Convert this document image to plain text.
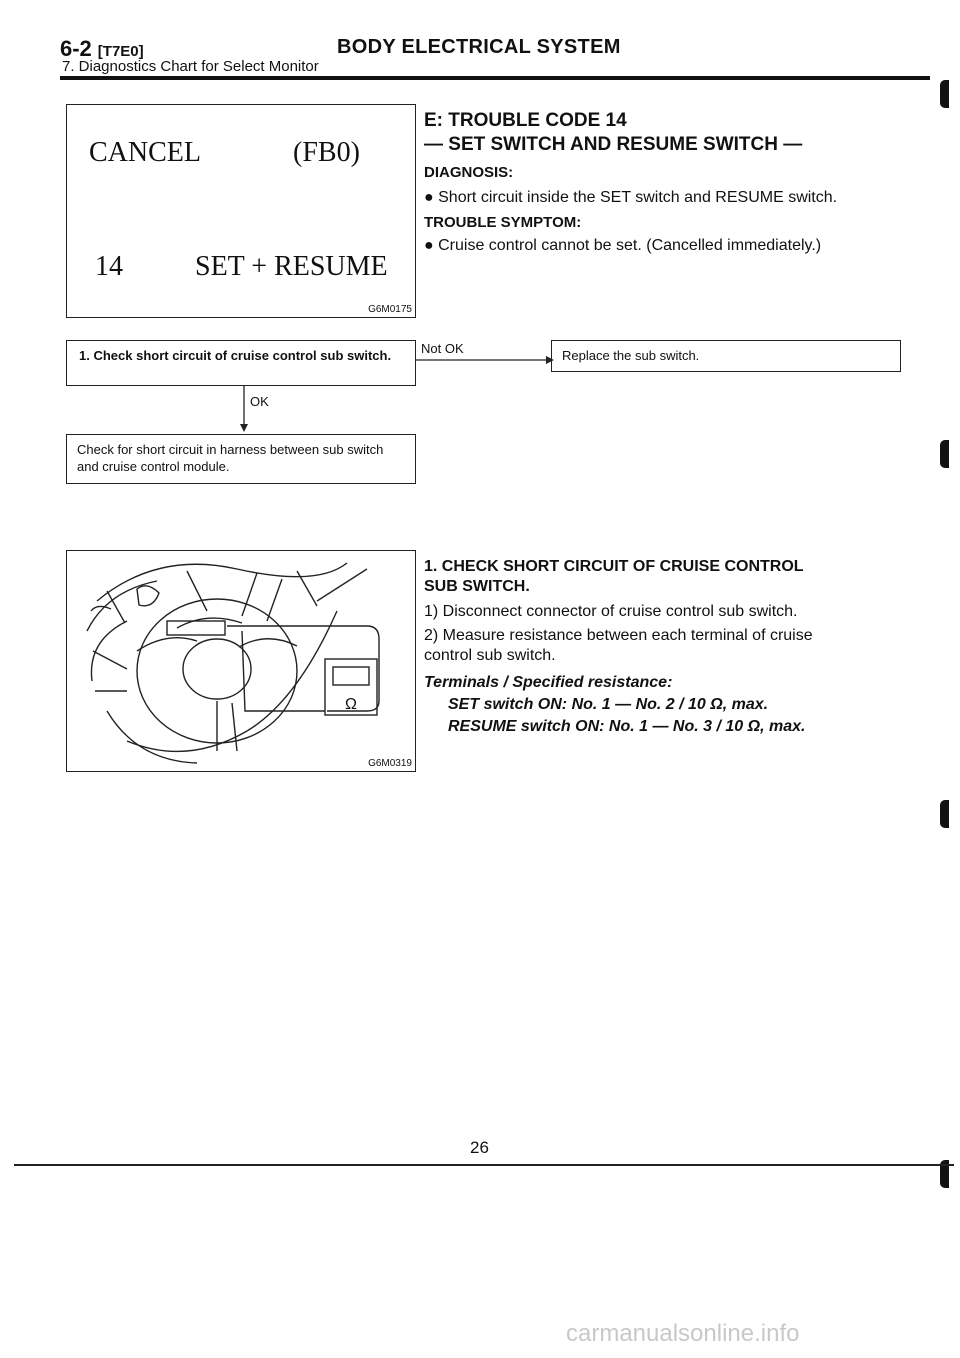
6-2 [T7E0]	BODY ELECTRICAL SYSTEM
7. Diagnostics Chart for Select Monitor
CANCEL	(FB0)
14	SET + RESUME
G6M0175
E: TROUBLE CODE 14
— SET SWITCH AND RESUME SWITCH —
DIAGNOSIS:
● Short circuit inside the SET switch and RESUME switch.
TROUBLE SYMPTOM:
● Cruise control cannot be set. (Cancelled immediately.)
1. Check short circuit of cruise control sub switch.	Not OK	Replace the sub switch.
OK
Check for short circuit in harness between sub switch and cruise control module.
Ω
G6M0319
1. CHECK SHORT CIRCUIT OF CRUISE CONTROL
SUB SWITCH.
1) Disconnect connector of cruise control sub switch.
2) Measure resistance between each terminal of cruise
control sub switch.
Terminals / Specified resistance:
SET switch ON: No. 1 — No. 2 / 10 Ω, max.
RESUME switch ON: No. 1 — No. 3 / 10 Ω, max.
26
carmanualsonline.info
